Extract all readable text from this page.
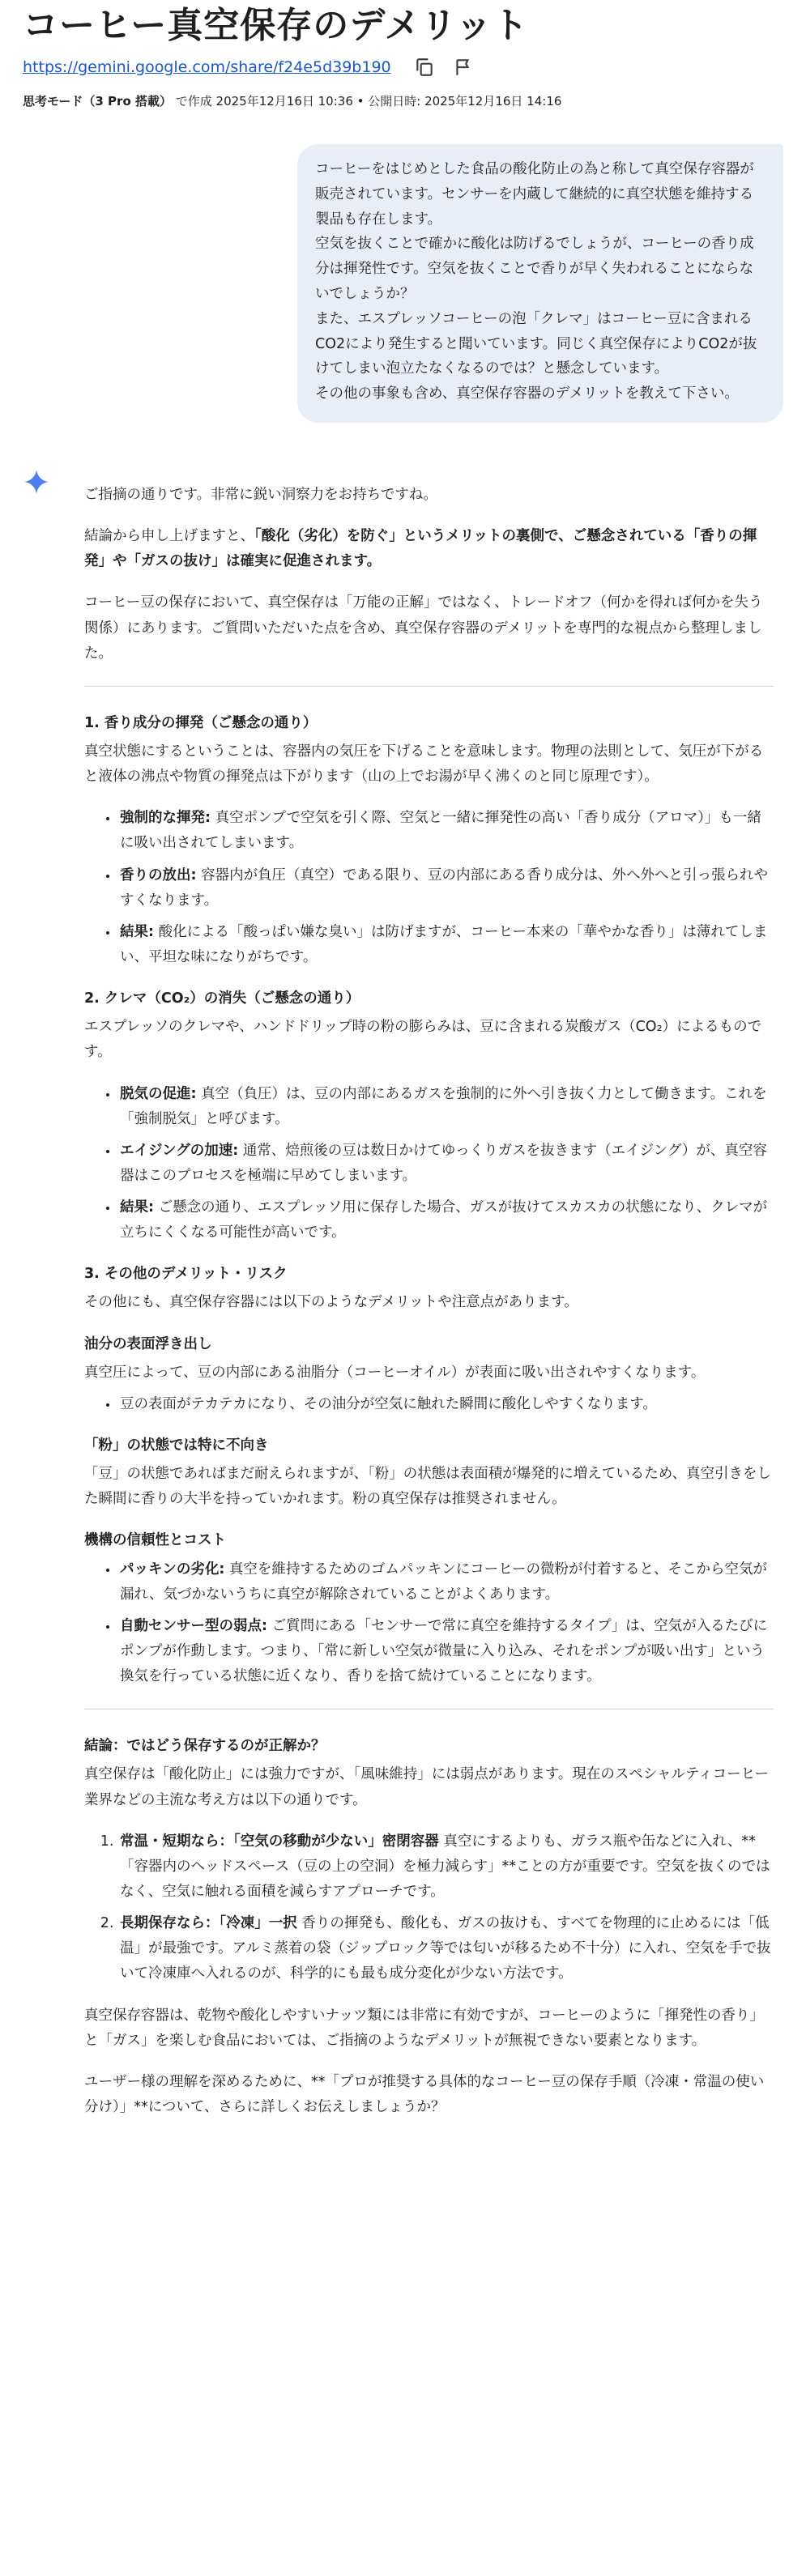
コーヒー真空保存のデメリット
https://gemini.google.com/share/f24e5d39b190
思考モード（3 Pro 搭載） で作成 2025年12月16日 10:36 • 公開日時: 2025年12月16日 14:16

コーヒーをはじめとした食品の酸化防止の為と称して真空保存容器が販売されています。センサーを内蔵して継続的に真空状態を維持する製品も存在します。

空気を抜くことで確かに酸化は防げるでしょうが、コーヒーの香り成分は揮発性です。空気を抜くことで香りが早く失われることにならないでしょうか？

また、エスプレッソコーヒーの泡「クレマ」はコーヒー豆に含まれるCO2により発生すると聞いています。同じく真空保存によりCO2が抜けてしまい泡立たなくなるのでは？と懸念しています。

その他の事象も含め、真空保存容器のデメリットを教えて下さい。

ご指摘の通りです。非常に鋭い洞察力をお持ちですね。

結論から申し上げますと、「酸化（劣化）を防ぐ」というメリットの裏側で、ご懸念されている「香りの揮発」や「ガスの抜け」は確実に促進されます。

コーヒー豆の保存において、真空保存は「万能の正解」ではなく、トレードオフ（何かを得れば何かを失う関係）にあります。ご質問いただいた点を含め、真空保存容器のデメリットを専門的な視点から整理しました。

1. 香り成分の揮発（ご懸念の通り）

真空状態にするということは、容器内の気圧を下げることを意味します。物理の法則として、気圧が下がると液体の沸点や物質の揮発点は下がります（山の上でお湯が早く沸くのと同じ原理です）。

• 強制的な揮発: 真空ポンプで空気を引く際、空気と一緒に揮発性の高い「香り成分（アロマ）」も一緒に吸い出されてしまいます。
• 香りの放出: 容器内が負圧（真空）である限り、豆の内部にある香り成分は、外へ外へと引っ張られやすくなります。
• 結果: 酸化による「酸っぱい嫌な臭い」は防げますが、コーヒー本来の「華やかな香り」は薄れてしまい、平坦な味になりがちです。
2. クレマ（CO₂）の消失（ご懸念の通り）

エスプレッソのクレマや、ハンドドリップ時の粉の膨らみは、豆に含まれる炭酸ガス（CO₂）によるものです。

• 脱気の促進: 真空（負圧）は、豆の内部にあるガスを強制的に外へ引き抜く力として働きます。これを「強制脱気」と呼びます。
• エイジングの加速: 通常、焙煎後の豆は数日かけてゆっくりガスを抜きます（エイジング）が、真空容器はこのプロセスを極端に早めてしまいます。
• 結果: ご懸念の通り、エスプレッソ用に保存した場合、ガスが抜けてスカスカの状態になり、クレマが立ちにくくなる可能性が高いです。
3. その他のデメリット・リスク

その他にも、真空保存容器には以下のようなデメリットや注意点があります。

油分の表面浮き出し

真空圧によって、豆の内部にある油脂分（コーヒーオイル）が表面に吸い出されやすくなります。

• 豆の表面がテカテカになり、その油分が空気に触れた瞬間に酸化しやすくなります。
「粉」の状態では特に不向き

「豆」の状態であればまだ耐えられますが、「粉」の状態は表面積が爆発的に増えているため、真空引きをした瞬間に香りの大半を持っていかれます。粉の真空保存は推奨されません。

機構の信頼性とコスト
• パッキンの劣化: 真空を維持するためのゴムパッキンにコーヒーの微粉が付着すると、そこから空気が漏れ、気づかないうちに真空が解除されていることがよくあります。
• 自動センサー型の弱点: ご質問にある「センサーで常に真空を維持するタイプ」は、空気が入るたびにポンプが作動します。つまり、「常に新しい空気が微量に入り込み、それをポンプが吸い出す」という換気を行っている状態に近くなり、香りを捨て続けていることになります。
結論：ではどう保存するのが正解か？

真空保存は「酸化防止」には強力ですが、「風味維持」には弱点があります。現在のスペシャルティコーヒー業界などの主流な考え方は以下の通りです。

1. 常温・短期なら：「空気の移動が少ない」密閉容器 真空にするよりも、ガラス瓶や缶などに入れ、**「容器内のヘッドスペース（豆の上の空洞）を極力減らす」**ことの方が重要です。空気を抜くのではなく、空気に触れる面積を減らすアプローチです。
2. 長期保存なら：「冷凍」一択 香りの揮発も、酸化も、ガスの抜けも、すべてを物理的に止めるには「低温」が最強です。アルミ蒸着の袋（ジップロック等では匂いが移るため不十分）に入れ、空気を手で抜いて冷凍庫へ入れるのが、科学的にも最も成分変化が少ない方法です。

真空保存容器は、乾物や酸化しやすいナッツ類には非常に有効ですが、コーヒーのように「揮発性の香り」と「ガス」を楽しむ食品においては、ご指摘のようなデメリットが無視できない要素となります。

ユーザー様の理解を深めるために、**「プロが推奨する具体的なコーヒー豆の保存手順（冷凍・常温の使い分け）」**について、さらに詳しくお伝えしましょうか？
